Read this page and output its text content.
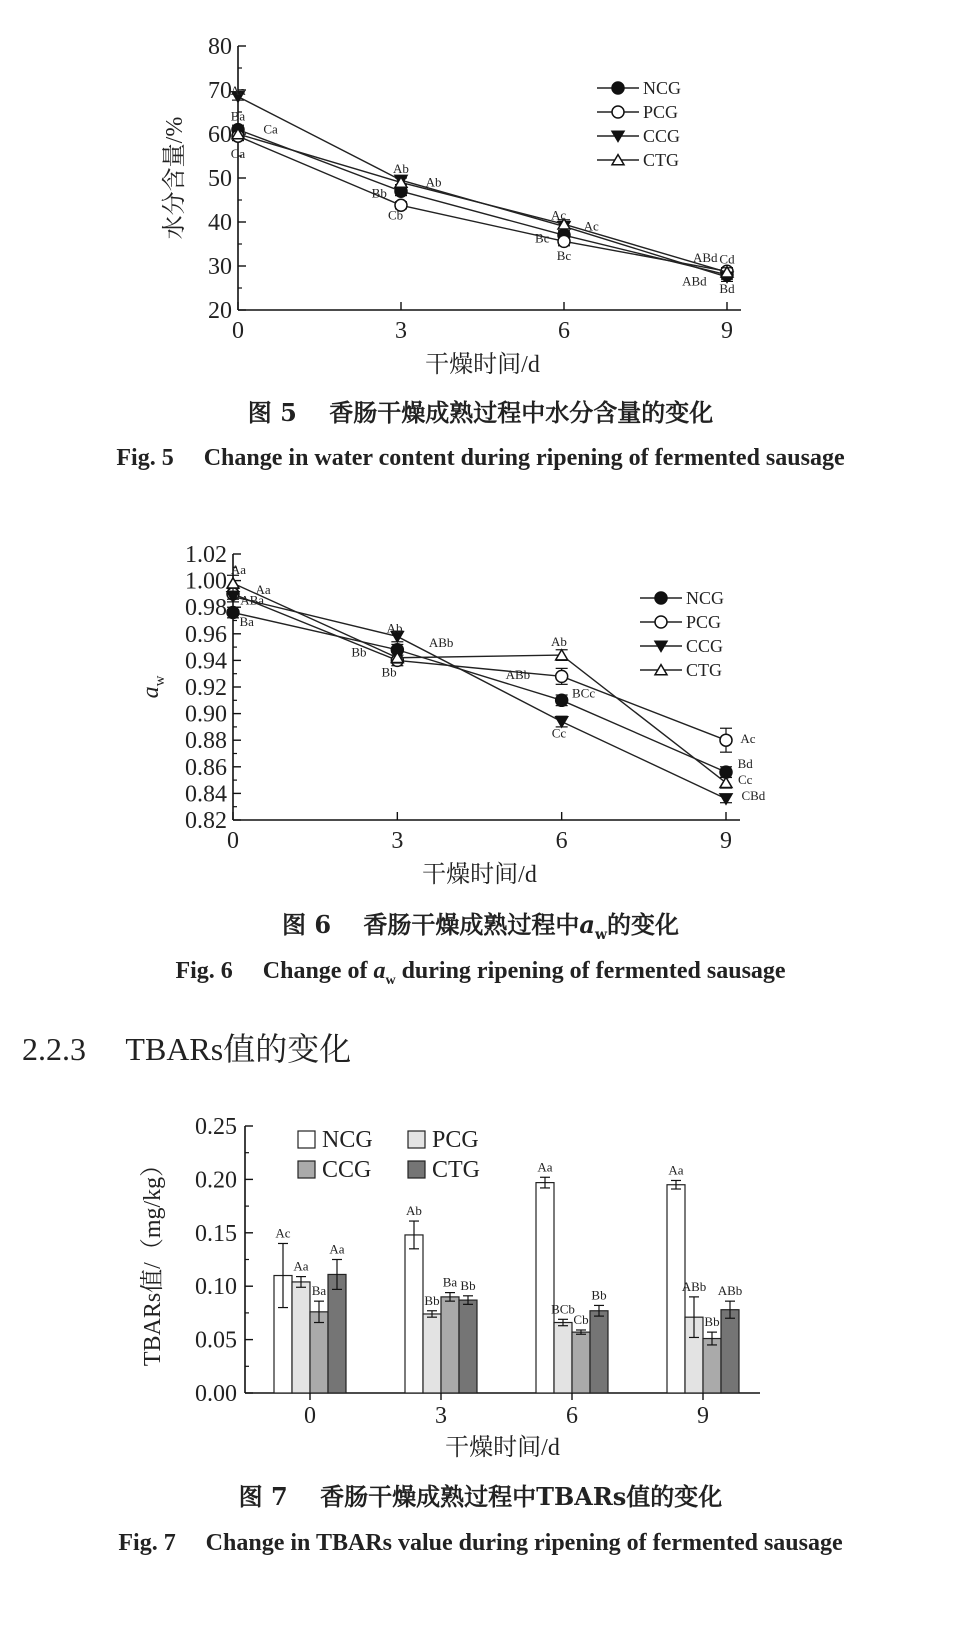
20
30
40
50
60
70
80
0	3	6	9
干燥时间/d
水分含量/%
Aa
Ba
Ca
Ca
Ab
Ab
Bb
Cb	Ac
Ac
Bc
Bc	ABd Cd
ABd Bd
NCG
PCG
CCG
CTG
图 5　 香肠干燥成熟过程中水分含量的变化
Fig. 5　 Change in water content during ripening of fermented sausage
0.82
0.84
0.86
0.88
0.90
0.92
0.94
0.96
0.98
1.00
1.02
0	3	6	9
干燥时间/d
$a_w$
Aa
Aa
ABa
Ba	Ab
ABb
Bb
Bb
Ab
ABb
BCc
Cc	Ac
Bd
Cc
CBd
NCG
PCG
CCG
CTG
图 6　 香肠干燥成熟过程中$a_w$的变化
Fig. 6　 Change of $a_w$ during ripening of fermented sausage
2.2.3　 TBARs值的变化
0.00
0.05
0.10
0.15
0.20
0.25
Ac
Aa
Ba
Aa
0
Ab
Bb
Ba Bb
3
Aa
BCb
Cb
Bb
6
Aa
ABb
Bb
ABb
9
干燥时间/d
TBARs值/（mg/kg）
NCG PCG
CCG	CTG
图 7　 香肠干燥成熟过程中TBARs值的变化
Fig. 7　 Change in TBARs value during ripening of fermented sausage
